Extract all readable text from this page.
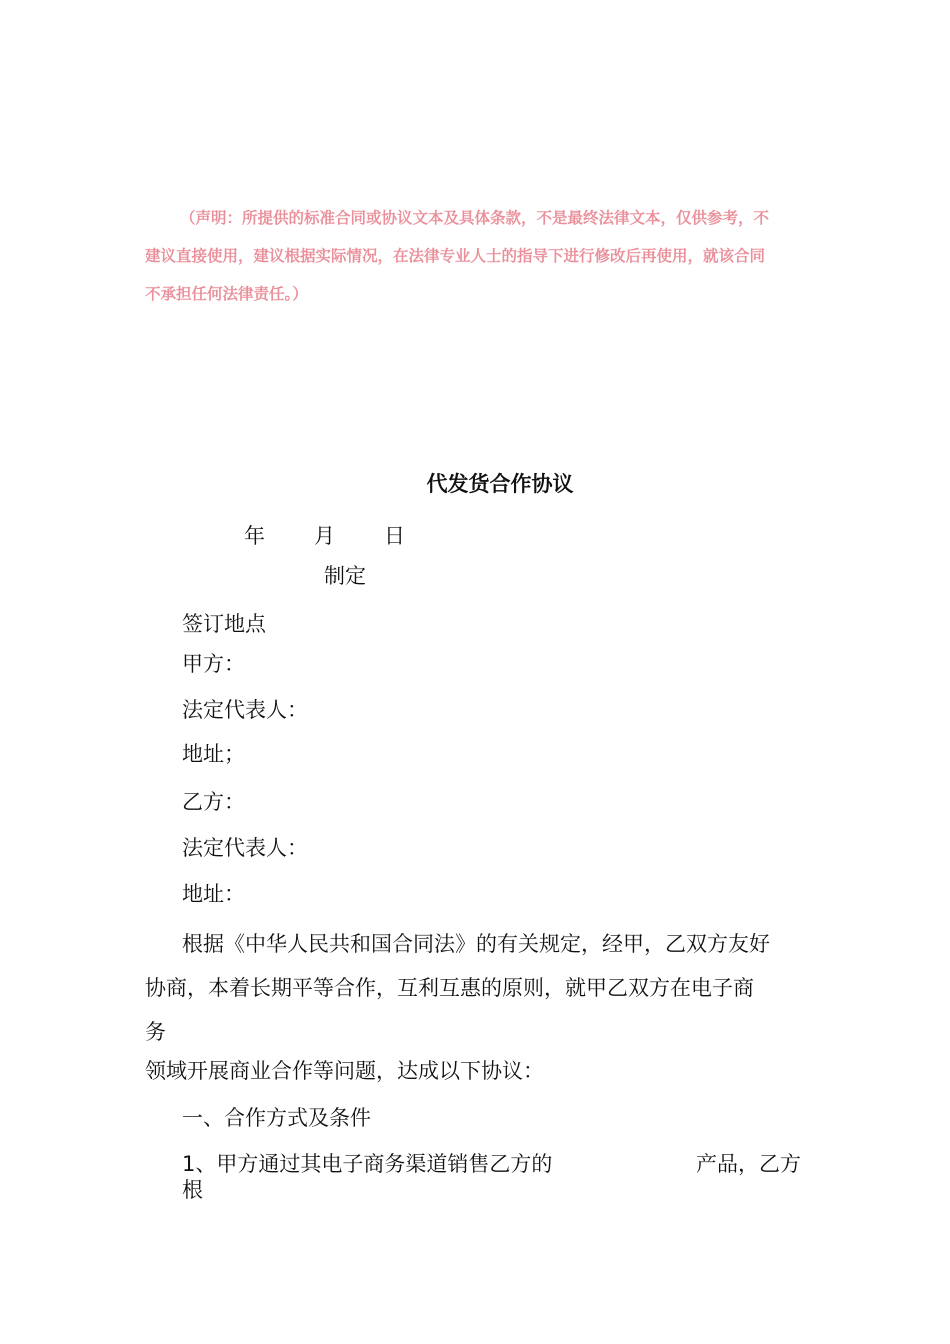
（声明：所提供的标准合同或协议文本及具体条款，不是最终法律文本，仅供参考，不
建议直接使用，建议根据实际情况，在法律专业人士的指导下进行修改后再使用，就该合同
不承担任何法律责任。）
代发货合作协议
年 月 日
制定
签订地点
甲方：
法定代表人：
地址；
乙方：
法定代表人：
地址：
根据《中华人民共和国合同法》的有关规定，经甲，乙双方友好
协商，本着长期平等合作，互利互惠的原则，就甲乙双方在电子商
务
领域开展商业合作等问题，达成以下协议：
一、合作方式及条件
1、甲方通过其电子商务渠道销售乙方的	产品，乙方
根
